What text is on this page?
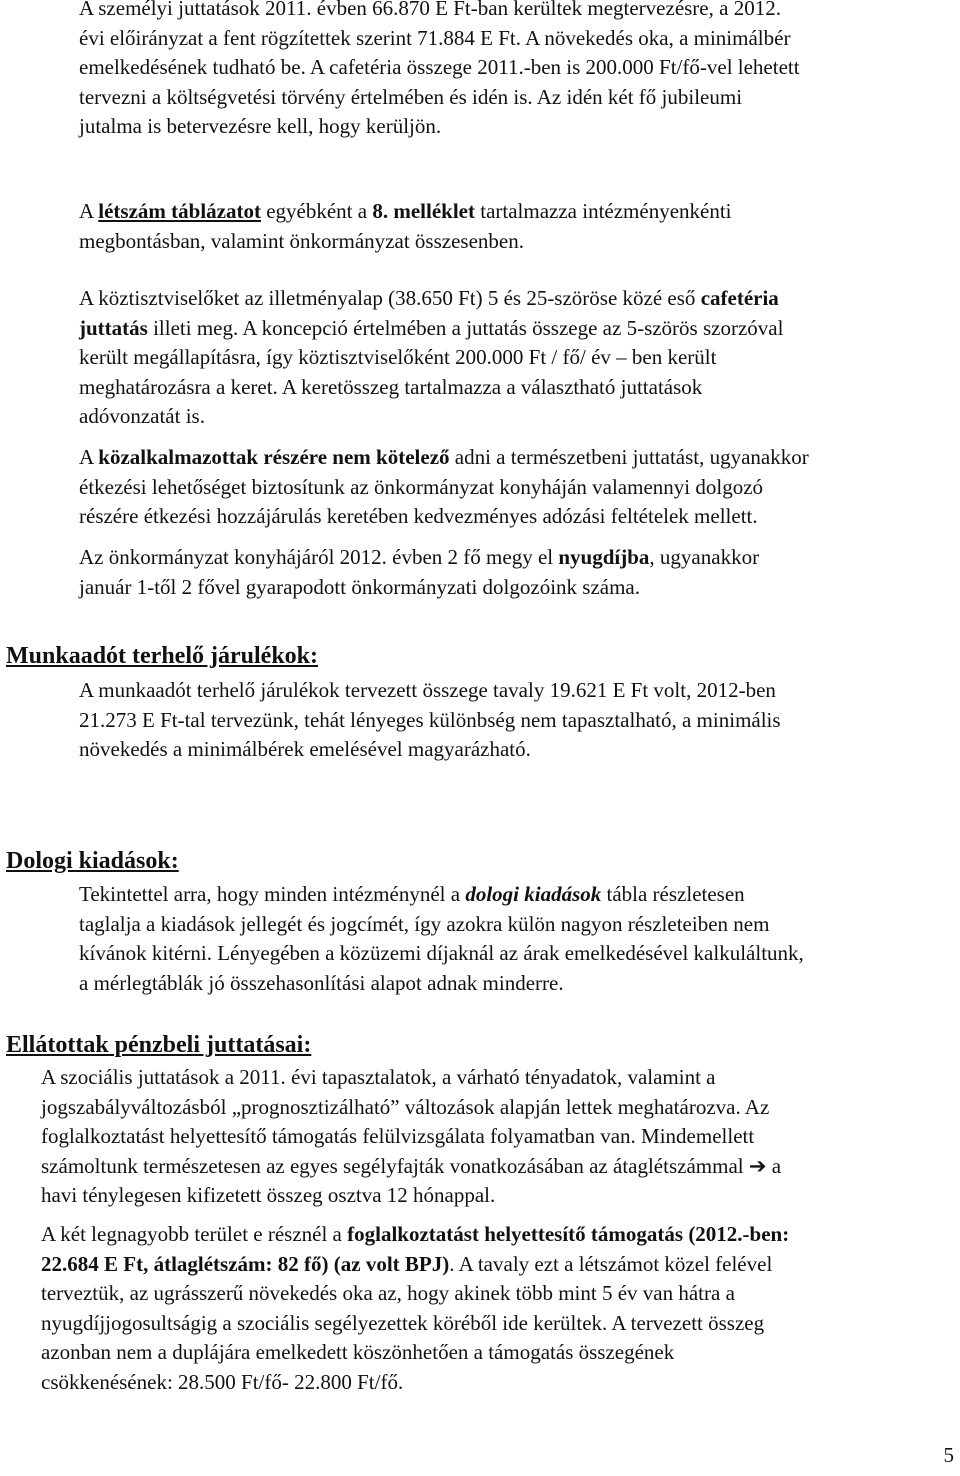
A személyi juttatások 2011. évben 66.870 E Ft-ban kerültek megtervezésre, a 2012.
évi előirányzat a fent rögzítettek szerint 71.884 E Ft. A növekedés oka, a minimálbér
emelkedésének tudható be. A cafetéria összege 2011.-ben is 200.000 Ft/fő-vel lehetett
tervezni a költségvetési törvény értelmében és idén is. Az idén két fő jubileumi
jutalma is betervezésre kell, hogy kerüljön.
A létszám táblázatot egyébként a 8. melléklet tartalmazza intézményenkénti
megbontásban, valamint önkormányzat összesenben.
A köztisztviselőket az illetményalap (38.650 Ft) 5 és 25-szöröse közé eső cafetéria
juttatás illeti meg. A koncepció értelmében a juttatás összege az 5-szörös szorzóval
került megállapításra, így köztisztviselőként 200.000 Ft / fő/ év – ben került
meghatározásra a keret. A keretösszeg tartalmazza a választható juttatások
adóvonzatát is.
A közalkalmazottak részére nem kötelező adni a természetbeni juttatást, ugyanakkor
étkezési lehetőséget biztosítunk az önkormányzat konyháján valamennyi dolgozó
részére étkezési hozzájárulás keretében kedvezményes adózási feltételek mellett.
Az önkormányzat konyhájáról 2012. évben 2 fő megy el nyugdíjba, ugyanakkor
január 1-től 2 fővel gyarapodott önkormányzati dolgozóink száma.
Munkaadót terhelő járulékok:
A munkaadót terhelő járulékok tervezett összege tavaly 19.621 E Ft volt, 2012-ben
21.273 E Ft-tal tervezünk, tehát lényeges különbség nem tapasztalható, a minimális
növekedés a minimálbérek emelésével magyarázható.
Dologi kiadások:
Tekintettel arra, hogy minden intézménynél a dologi kiadások tábla részletesen
taglalja a kiadások jellegét és jogcímét, így azokra külön nagyon részleteiben nem
kívánok kitérni. Lényegében a közüzemi díjaknál az árak emelkedésével kalkuláltunk,
a mérlegtáblák jó összehasonlítási alapot adnak minderre.
Ellátottak pénzbeli juttatásai:
A szociális juttatások a 2011. évi tapasztalatok, a várható tényadatok, valamint a
jogszabályváltozásból „prognosztizálható” változások alapján lettek meghatározva. Az
foglalkoztatást helyettesítő támogatás felülvizsgálata folyamatban van. Mindemellett
számoltunk természetesen az egyes segélyfajták vonatkozásában az átaglétszámmal ➔ a
havi ténylegesen kifizetett összeg osztva 12 hónappal.
A két legnagyobb terület e résznél a foglalkoztatást helyettesítő támogatás (2012.-ben:
22.684 E Ft, átlaglétszám: 82 fő) (az volt BPJ). A tavaly ezt a létszámot közel felével
terveztük, az ugrásszerű növekedés oka az, hogy akinek több mint 5 év van hátra a
nyugdíjjogosultságig a szociális segélyezettek köréből ide kerültek. A tervezett összeg
azonban nem a duplájára emelkedett köszönhetően a támogatás összegének
csökkenésének: 28.500 Ft/fő- 22.800 Ft/fő.
5
